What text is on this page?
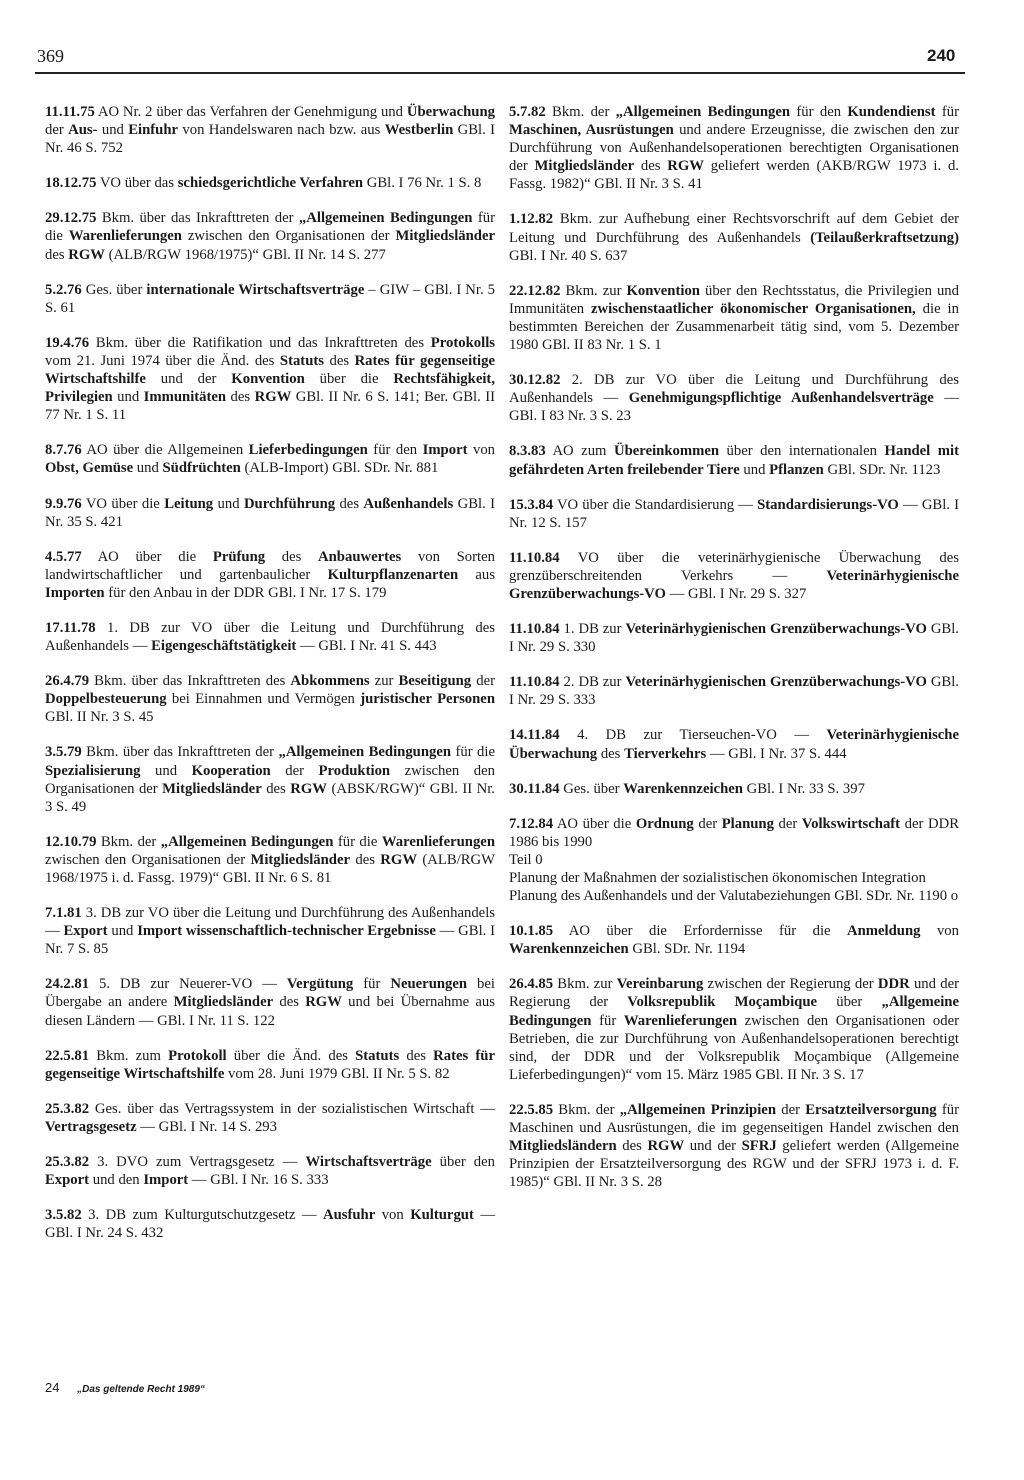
369	240

11.11.75 AO Nr. 2 über das Verfahren der Genehmigung und Überwachung der Aus- und Einfuhr von Handelswaren nach bzw. aus Westberlin GBl. I Nr. 46 S. 752

18.12.75 VO über das schiedsgerichtliche Verfahren GBl. I 76 Nr. 1 S. 8

29.12.75 Bkm. über das Inkrafttreten der „Allgemeinen Bedingungen für die Warenlieferungen zwischen den Organisationen der Mitgliedsländer des RGW (ALB/RGW 1968/1975)“ GBl. II Nr. 14 S. 277

5.2.76 Ges. über internationale Wirtschaftsverträge – GIW – GBl. I Nr. 5 S. 61

19.4.76 Bkm. über die Ratifikation und das Inkrafttreten des Protokolls vom 21. Juni 1974 über die Änd. des Statuts des Rates für gegenseitige Wirtschaftshilfe und der Konvention über die Rechtsfähigkeit, Privilegien und Immunitäten des RGW GBl. II Nr. 6 S. 141; Ber. GBl. II 77 Nr. 1 S. 11

8.7.76 AO über die Allgemeinen Lieferbedingungen für den Import von Obst, Gemüse und Südfrüchten (ALB-Import) GBl. SDr. Nr. 881

9.9.76 VO über die Leitung und Durchführung des Außenhandels GBl. I Nr. 35 S. 421

4.5.77 AO über die Prüfung des Anbauwertes von Sorten landwirtschaftlicher und gartenbaulicher Kulturpflanzenarten aus Importen für den Anbau in der DDR GBl. I Nr. 17 S. 179

17.11.78 1. DB zur VO über die Leitung und Durchführung des Außenhandels — Eigengeschäftstätigkeit — GBl. I Nr. 41 S. 443

26.4.79 Bkm. über das Inkrafttreten des Abkommens zur Beseitigung der Doppelbesteuerung bei Einnahmen und Vermögen juristischer Personen GBl. II Nr. 3 S. 45

3.5.79 Bkm. über das Inkrafttreten der „Allgemeinen Bedingungen für die Spezialisierung und Kooperation der Produktion zwischen den Organisationen der Mitgliedsländer des RGW (ABSK/RGW)“ GBl. II Nr. 3 S. 49

12.10.79 Bkm. der „Allgemeinen Bedingungen für die Warenlieferungen zwischen den Organisationen der Mitgliedsländer des RGW (ALB/RGW 1968/1975 i. d. Fassg. 1979)“ GBl. II Nr. 6 S. 81

7.1.81 3. DB zur VO über die Leitung und Durchführung des Außenhandels — Export und Import wissenschaftlich-technischer Ergebnisse — GBl. I Nr. 7 S. 85

24.2.81 5. DB zur Neuerer-VO — Vergütung für Neuerungen bei Übergabe an andere Mitgliedsländer des RGW und bei Übernahme aus diesen Ländern — GBl. I Nr. 11 S. 122

22.5.81 Bkm. zum Protokoll über die Änd. des Statuts des Rates für gegenseitige Wirtschaftshilfe vom 28. Juni 1979 GBl. II Nr. 5 S. 82

25.3.82 Ges. über das Vertragssystem in der sozialistischen Wirtschaft — Vertragsgesetz — GBl. I Nr. 14 S. 293

25.3.82 3. DVO zum Vertragsgesetz — Wirtschaftsverträge über den Export und den Import — GBl. I Nr. 16 S. 333

3.5.82 3. DB zum Kulturgutschutzgesetz — Ausfuhr von Kulturgut — GBl. I Nr. 24 S. 432

5.7.82 Bkm. der „Allgemeinen Bedingungen für den Kundendienst für Maschinen, Ausrüstungen und andere Erzeugnisse, die zwischen den zur Durchführung von Außenhandelsoperationen berechtigten Organisationen der Mitgliedsländer des RGW geliefert werden (AKB/RGW 1973 i. d. Fassg. 1982)“ GBl. II Nr. 3 S. 41

1.12.82 Bkm. zur Aufhebung einer Rechtsvorschrift auf dem Gebiet der Leitung und Durchführung des Außenhandels (Teilaußerkraftsetzung) GBl. I Nr. 40 S. 637

22.12.82 Bkm. zur Konvention über den Rechtsstatus, die Privilegien und Immunitäten zwischenstaatlicher ökonomischer Organisationen, die in bestimmten Bereichen der Zusammenarbeit tätig sind, vom 5. Dezember 1980 GBl. II 83 Nr. 1 S. 1

30.12.82 2. DB zur VO über die Leitung und Durchführung des Außenhandels — Genehmigungspflichtige Außenhandelsverträge — GBl. I 83 Nr. 3 S. 23

8.3.83 AO zum Übereinkommen über den internationalen Handel mit gefährdeten Arten freilebender Tiere und Pflanzen GBl. SDr. Nr. 1123

15.3.84 VO über die Standardisierung — Standardisierungs-VO — GBl. I Nr. 12 S. 157

11.10.84 VO über die veterinärhygienische Überwachung des grenzüberschreitenden Verkehrs — Veterinärhygienische Grenzüberwachungs-VO — GBl. I Nr. 29 S. 327

11.10.84 1. DB zur Veterinärhygienischen Grenzüberwachungs-VO GBl. I Nr. 29 S. 330

11.10.84 2. DB zur Veterinärhygienischen Grenzüberwachungs-VO GBl. I Nr. 29 S. 333

14.11.84 4. DB zur Tierseuchen-VO — Veterinärhygienische Überwachung des Tierverkehrs — GBl. I Nr. 37 S. 444

30.11.84 Ges. über Warenkennzeichen GBl. I Nr. 33 S. 397

7.12.84 AO über die Ordnung der Planung der Volkswirtschaft der DDR 1986 bis 1990

Teil 0

Planung der Maßnahmen der sozialistischen ökonomischen Integration

Planung des Außenhandels und der Valutabeziehungen GBl. SDr. Nr. 1190 o

10.1.85 AO über die Erfordernisse für die Anmeldung von Warenkennzeichen GBl. SDr. Nr. 1194

26.4.85 Bkm. zur Vereinbarung zwischen der Regierung der DDR und der Regierung der Volksrepublik Moçambique über „Allgemeine Bedingungen für Warenlieferungen zwischen den Organisationen oder Betrieben, die zur Durchführung von Außenhandelsoperationen berechtigt sind, der DDR und der Volksrepublik Moçambique (Allgemeine Lieferbedingungen)“ vom 15. März 1985 GBl. II Nr. 3 S. 17

22.5.85 Bkm. der „Allgemeinen Prinzipien der Ersatzteilversorgung für Maschinen und Ausrüstungen, die im gegenseitigen Handel zwischen den Mitgliedsländern des RGW und der SFRJ geliefert werden (Allgemeine Prinzipien der Ersatzteilversorgung des RGW und der SFRJ 1973 i. d. F. 1985)“ GBl. II Nr. 3 S. 28

24 „Das geltende Recht 1989“
